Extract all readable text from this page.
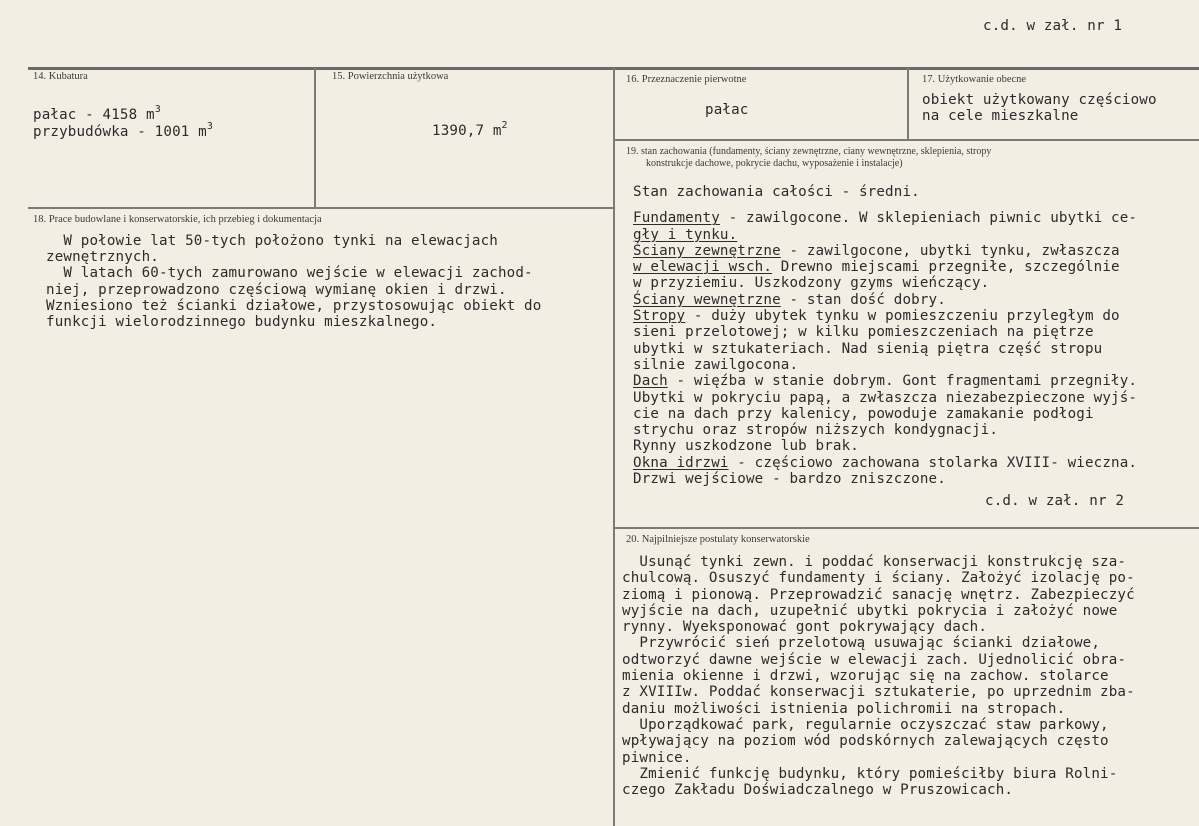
c.d. w zał. nr 1
14. Kubatura
pałac - 4158 $m^3$
przybudówka - 1001 $m^3$
15. Powierzchnia użytkowa
1390,7 $m^2$
16. Przeznaczenie pierwotne
pałac
17. Użytkowanie obecne
obiekt użytkowany częściowo
na cele mieszkalne
18. Prace budowlane i konserwatorskie, ich przebieg i dokumentacja
W połowie lat 50-tych położono tynki na elewacjach
zewnętrznych.
W latach 60-tych zamurowano wejście w elewacji zachod-
niej, przeprowadzono częściową wymianę okien i drzwi.
Wzniesiono też ścianki działowe, przystosowując obiekt do
funkcji wielorodzinnego budynku mieszkalnego.
19. stan zachowania (fundamenty, ściany zewnętrzne, ciany wewnętrzne, sklepienia, stropy
konstrukcje dachowe, pokrycie dachu, wyposażenie i instalacje)
Stan zachowania całości - średni.
Fundamenty - zawilgocone. W sklepieniach piwnic ubytki ce-
gły i tynku.
Ściany zewnętrzne - zawilgocone, ubytki tynku, zwłaszcza
w elewacji wsch. Drewno miejscami przegniłe, szczególnie
w przyziemiu. Uszkodzony gzyms wieńczący.
Ściany wewnętrzne - stan dość dobry.
Stropy - duży ubytek tynku w pomieszczeniu przyległym do
sieni przelotowej; w kilku pomieszczeniach na piętrze
ubytki w sztukateriach. Nad sienią piętra część stropu
silnie zawilgocona.
Dach - więźba w stanie dobrym. Gont fragmentami przegniły.
Ubytki w pokryciu papą, a zwłaszcza niezabezpieczone wyjś-
cie na dach przy kalenicy, powoduje zamakanie podłogi
strychu oraz stropów niższych kondygnacji.
Rynny uszkodzone lub brak.
Okna idrzwi - częściowo zachowana stolarka XVIII- wieczna.
Drzwi wejściowe - bardzo zniszczone.
c.d. w zał. nr 2
20. Najpilniejsze postulaty konserwatorskie
Usunąć tynki zewn. i poddać konserwacji konstrukcję sza-
chulcową. Osuszyć fundamenty i ściany. Założyć izolację po-
ziomą i pionową. Przeprowadzić sanację wnętrz. Zabezpieczyć
wyjście na dach, uzupełnić ubytki pokrycia i założyć nowe
rynny. Wyeksponować gont pokrywający dach.
Przywrócić sień przelotową usuwając ścianki działowe,
odtworzyć dawne wejście w elewacji zach. Ujednolicić obra-
mienia okienne i drzwi, wzorując się na zachow. stolarce
z XVIIIw. Poddać konserwacji sztukaterie, po uprzednim zba-
daniu możliwości istnienia polichromii na stropach.
Uporządkować park, regularnie oczyszczać staw parkowy,
wpływający na poziom wód podskórnych zalewających często
piwnice.
Zmienić funkcję budynku, który pomieściłby biura Rolni-
czego Zakładu Doświadczalnego w Pruszowicach.
